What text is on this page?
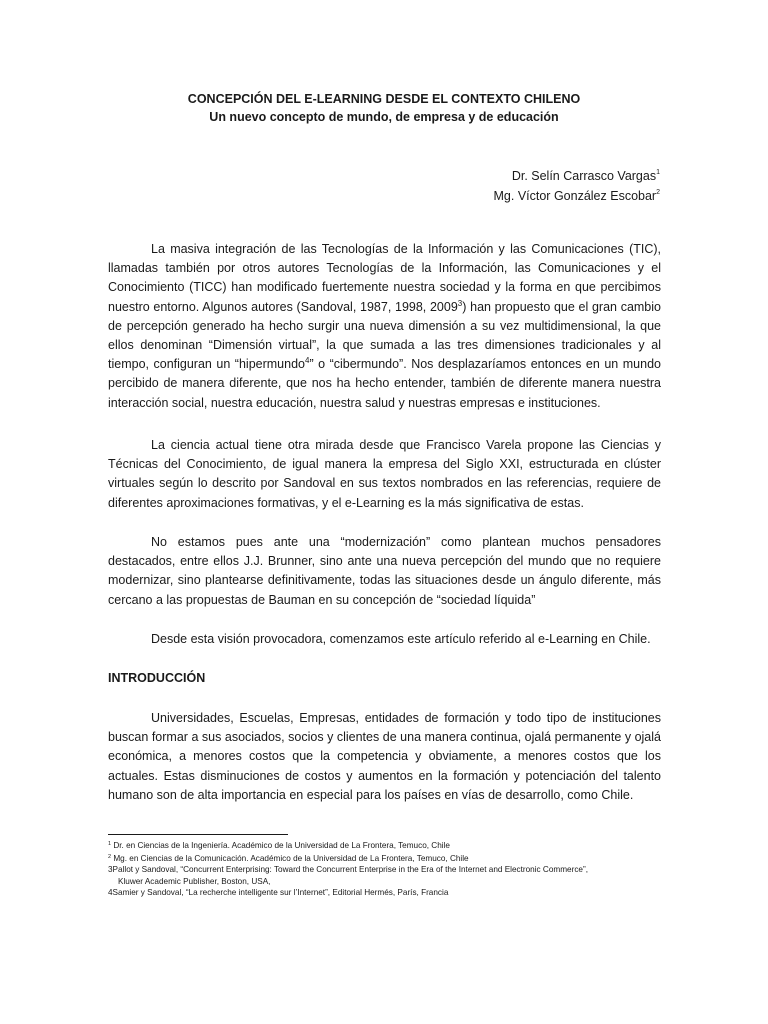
CONCEPCIÓN DEL E-LEARNING DESDE EL CONTEXTO CHILENO
Un nuevo concepto de mundo, de empresa y de educación
Dr. Selín Carrasco Vargas$^1$
Mg. Víctor González Escobar$^2$

La masiva integración de las Tecnologías de la Información y las Comunicaciones (TIC), llamadas también por otros autores Tecnologías de la Información, las Comunicaciones y el Conocimiento (TICC) han modificado fuertemente nuestra sociedad y la forma en que percibimos nuestro entorno. Algunos autores (Sandoval, 1987, 1998, 2009$^3$) han propuesto que el gran cambio de percepción generado ha hecho surgir una nueva dimensión a su vez multidimensional, la que ellos denominan “Dimensión virtual”, la que sumada a las tres dimensiones tradicionales y al tiempo, configuran un “hipermundo$^4$” o “cibermundo”. Nos desplazaríamos entonces en un mundo percibido de manera diferente, que nos ha hecho entender, también de diferente manera nuestra interacción social, nuestra educación, nuestra salud y nuestras empresas e instituciones.

La ciencia actual tiene otra mirada desde que Francisco Varela propone las Ciencias y Técnicas del Conocimiento, de igual manera la empresa del Siglo XXI, estructurada en clúster virtuales según lo descrito por Sandoval en sus textos nombrados en las referencias, requiere de diferentes aproximaciones formativas, y el e-Learning es la más significativa de estas.

No estamos pues ante una “modernización” como plantean muchos pensadores destacados, entre ellos J.J. Brunner, sino ante una nueva percepción del mundo que no requiere modernizar, sino plantearse definitivamente, todas las situaciones desde un ángulo diferente, más cercano a las propuestas de Bauman en su concepción de “sociedad líquida”

Desde esta visión provocadora, comenzamos este artículo referido al e-Learning en Chile.

INTRODUCCIÓN

Universidades, Escuelas, Empresas, entidades de formación y todo tipo de instituciones buscan formar a sus asociados, socios y clientes de una manera continua, ojalá permanente y ojalá económica, a menores costos que la competencia y obviamente, a menores costos que los actuales. Estas disminuciones de costos y aumentos en la formación y potenciación del talento humano son de alta importancia en especial para los países en vías de desarrollo, como Chile.

$^1$ Dr. en Ciencias de la Ingeniería. Académico de la Universidad de La Frontera, Temuco, Chile

$^2$ Mg. en Ciencias de la Comunicación. Académico de la Universidad de La Frontera, Temuco, Chile

3Pallot y Sandoval, “Concurrent Enterprising: Toward the Concurrent Enterprise in the Era of the Internet and Electronic Commerce”,

Kluwer Academic Publisher, Boston, USA,

4Samier y Sandoval, “La recherche intelligente sur l’Internet”, Editorial Hermés, París, Francia
